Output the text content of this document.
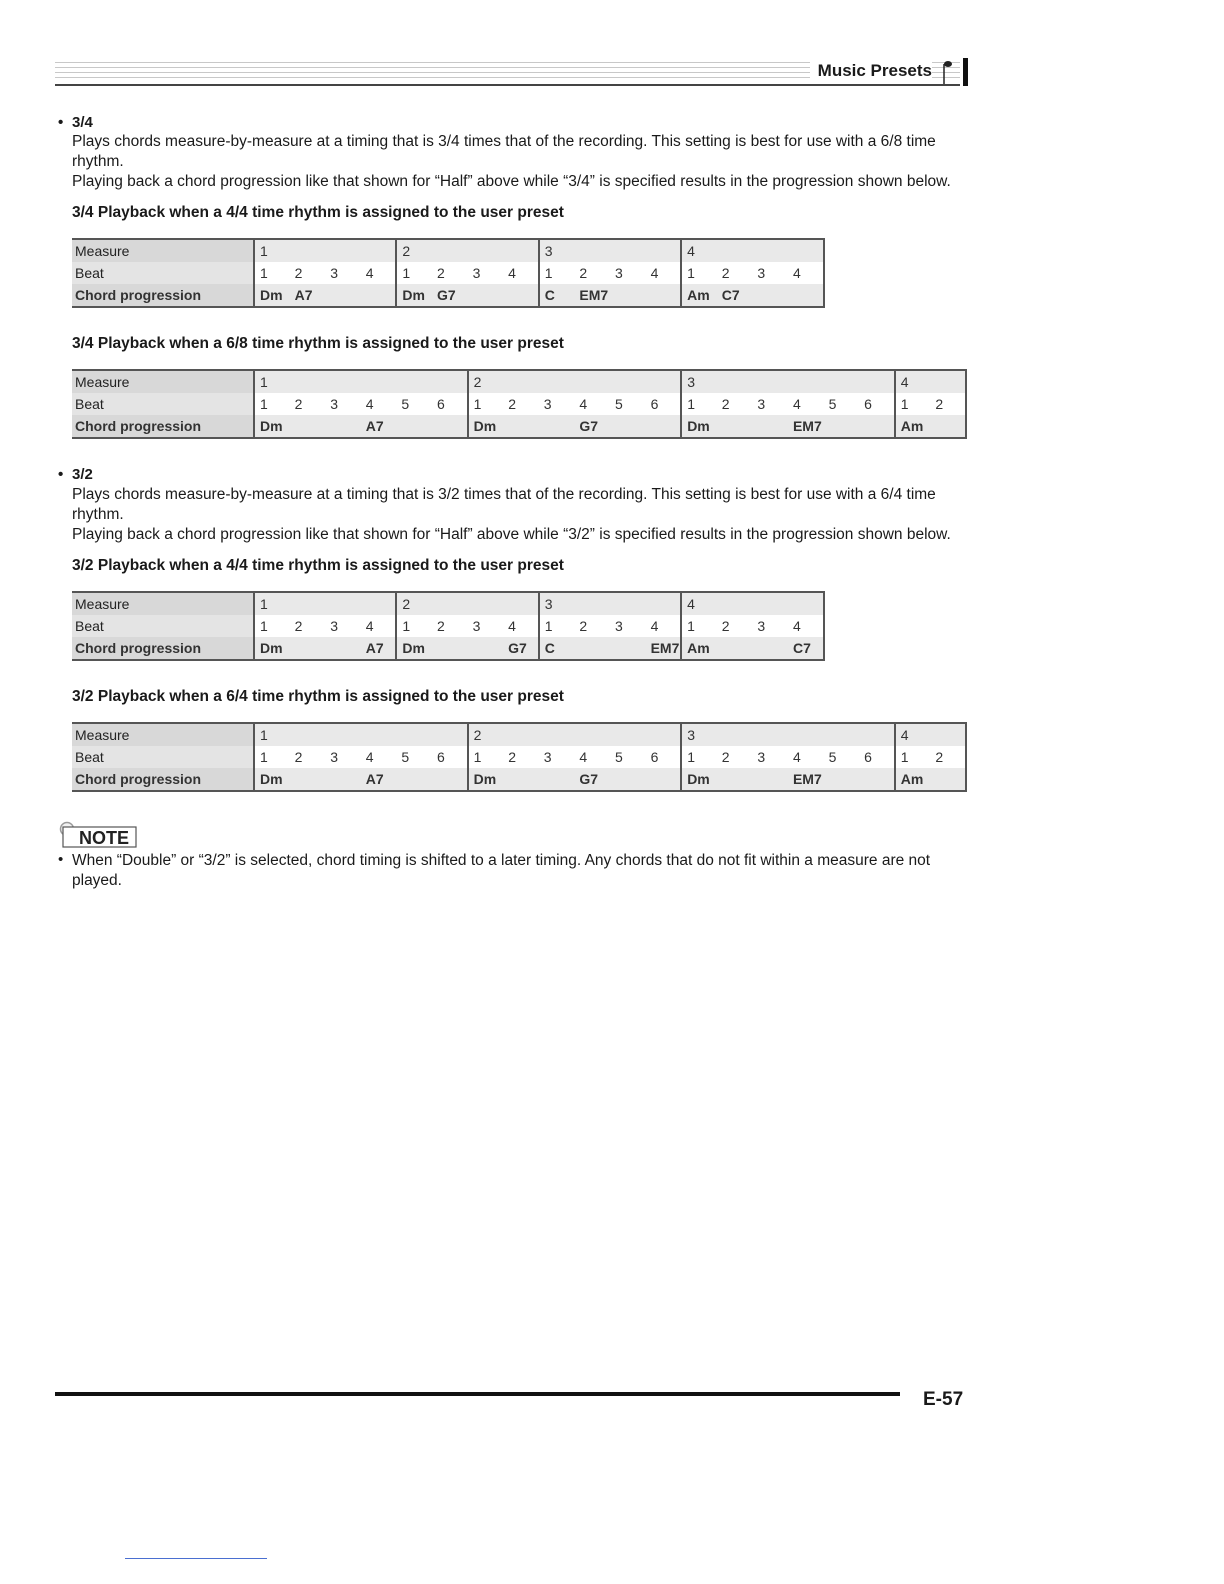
Music Presets
• 3/4
Plays chords measure-by-measure at a timing that is 3/4 times that of the recording. This setting is best for use with a 6/8 time rhythm.
Playing back a chord progression like that shown for “Half” above while “3/4” is specified results in the progression shown below.
3/4 Playback when a 4/4 time rhythm is assigned to the user preset
Measure	1				2				3				4			
Beat	1	2	3	4	1	2	3	4	1	2	3	4	1	2	3	4
Chord progression	Dm	A7			Dm	G7			C	EM7			Am	C7		
3/4 Playback when a 6/8 time rhythm is assigned to the user preset
Measure	1						2						3						4	
Beat	1	2	3	4	5	6	1	2	3	4	5	6	1	2	3	4	5	6	1	2
Chord progression	Dm			A7			Dm			G7			Dm			EM7			Am	
• 3/2
Plays chords measure-by-measure at a timing that is 3/2 times that of the recording. This setting is best for use with a 6/4 time rhythm.
Playing back a chord progression like that shown for “Half” above while “3/2” is specified results in the progression shown below.
3/2 Playback when a 4/4 time rhythm is assigned to the user preset
Measure	1				2				3				4			
Beat	1	2	3	4	1	2	3	4	1	2	3	4	1	2	3	4
Chord progression	Dm			A7	Dm			G7	C			EM7	Am			C7
3/2 Playback when a 6/4 time rhythm is assigned to the user preset
Measure	1						2						3						4	
Beat	1	2	3	4	5	6	1	2	3	4	5	6	1	2	3	4	5	6	1	2
Chord progression	Dm			A7			Dm			G7			Dm			EM7			Am	
NOTE
• When “Double” or “3/2” is selected, chord timing is shifted to a later timing. Any chords that do not fit within a measure are not played.
E-57
